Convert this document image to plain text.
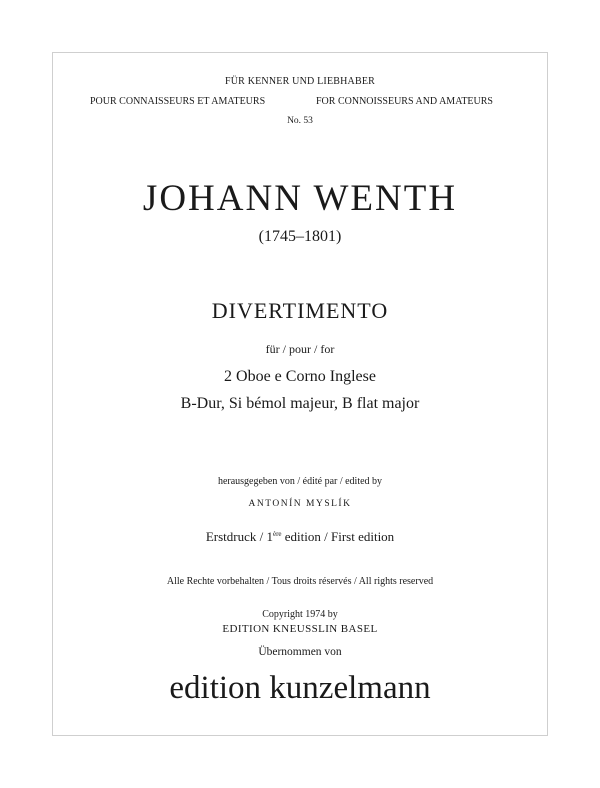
FÜR KENNER UND LIEBHABER
POUR CONNAISSEURS ET AMATEURS	FOR CONNOISSEURS AND AMATEURS
No. 53
JOHANN WENTH
(1745–1801)
DIVERTIMENTO
für / pour / for
2 Oboe e Corno Inglese
B-Dur, Si bémol majeur, B flat major
herausgegeben von / édité par / edited by
ANTONÍN MYSLÍK
Erstdruck / 1ère edition / First edition
Alle Rechte vorbehalten / Tous droits réservés / All rights reserved
Copyright 1974 by
EDITION KNEUSSLIN BASEL
Übernommen von
edition kunzelmann
